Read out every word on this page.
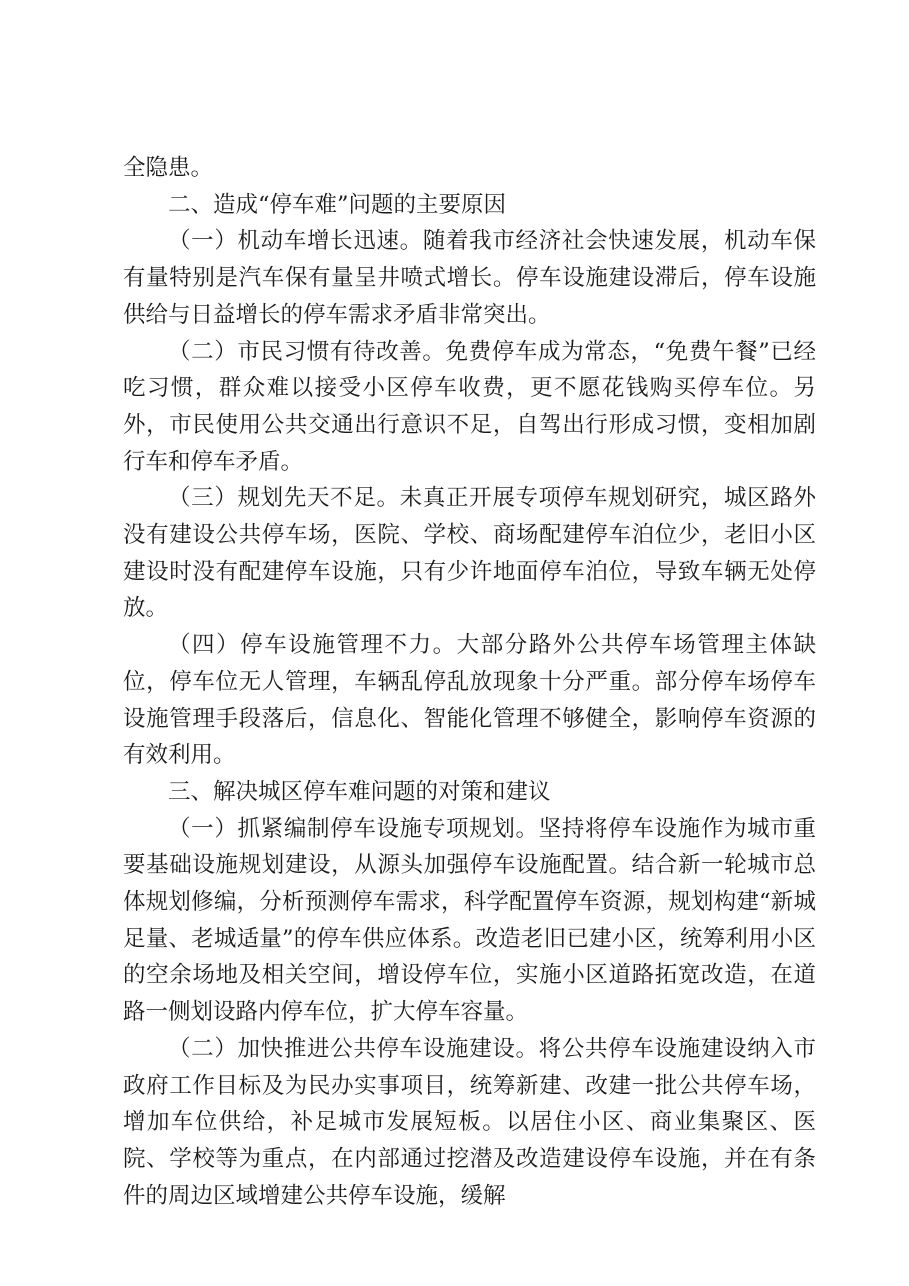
全隐患。

二、造成“停车难”问题的主要原因

（一）机动车增长迅速。随着我市经济社会快速发展，机动车保有量特别是汽车保有量呈井喷式增长。停车设施建设滞后，停车设施供给与日益增长的停车需求矛盾非常突出。

（二）市民习惯有待改善。免费停车成为常态，“免费午餐”已经吃习惯，群众难以接受小区停车收费，更不愿花钱购买停车位。另外，市民使用公共交通出行意识不足，自驾出行形成习惯，变相加剧行车和停车矛盾。

（三）规划先天不足。未真正开展专项停车规划研究，城区路外没有建设公共停车场，医院、学校、商场配建停车泊位少，老旧小区建设时没有配建停车设施，只有少许地面停车泊位，导致车辆无处停放。

（四）停车设施管理不力。大部分路外公共停车场管理主体缺位，停车位无人管理，车辆乱停乱放现象十分严重。部分停车场停车设施管理手段落后，信息化、智能化管理不够健全，影响停车资源的有效利用。

三、解决城区停车难问题的对策和建议

（一）抓紧编制停车设施专项规划。坚持将停车设施作为城市重要基础设施规划建设，从源头加强停车设施配置。结合新一轮城市总体规划修编，分析预测停车需求，科学配置停车资源，规划构建“新城足量、老城适量”的停车供应体系。改造老旧已建小区，统筹利用小区的空余场地及相关空间，增设停车位，实施小区道路拓宽改造，在道路一侧划设路内停车位，扩大停车容量。

（二）加快推进公共停车设施建设。将公共停车设施建设纳入市政府工作目标及为民办实事项目，统筹新建、改建一批公共停车场，增加车位供给，补足城市发展短板。以居住小区、商业集聚区、医院、学校等为重点，在内部通过挖潜及改造建设停车设施，并在有条件的周边区域增建公共停车设施，缓解
